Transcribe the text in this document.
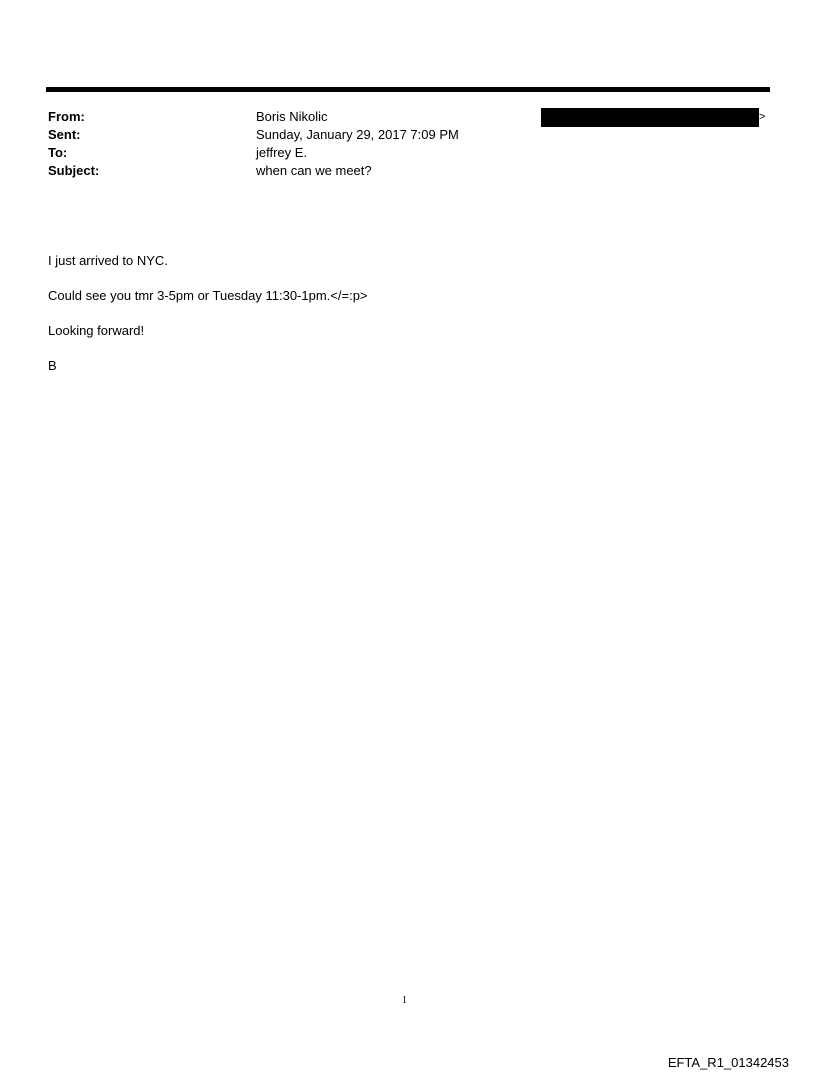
From:	Boris Nikolic	>
Sent:	Sunday, January 29, 2017 7:09 PM
To:	jeffrey E.
Subject:	when can we meet?

I just arrived to NYC.

Could see you tmr 3-5pm or Tuesday 11:30-1pm.</=:p>

Looking forward!

B

1
EFTA_R1_01342453
